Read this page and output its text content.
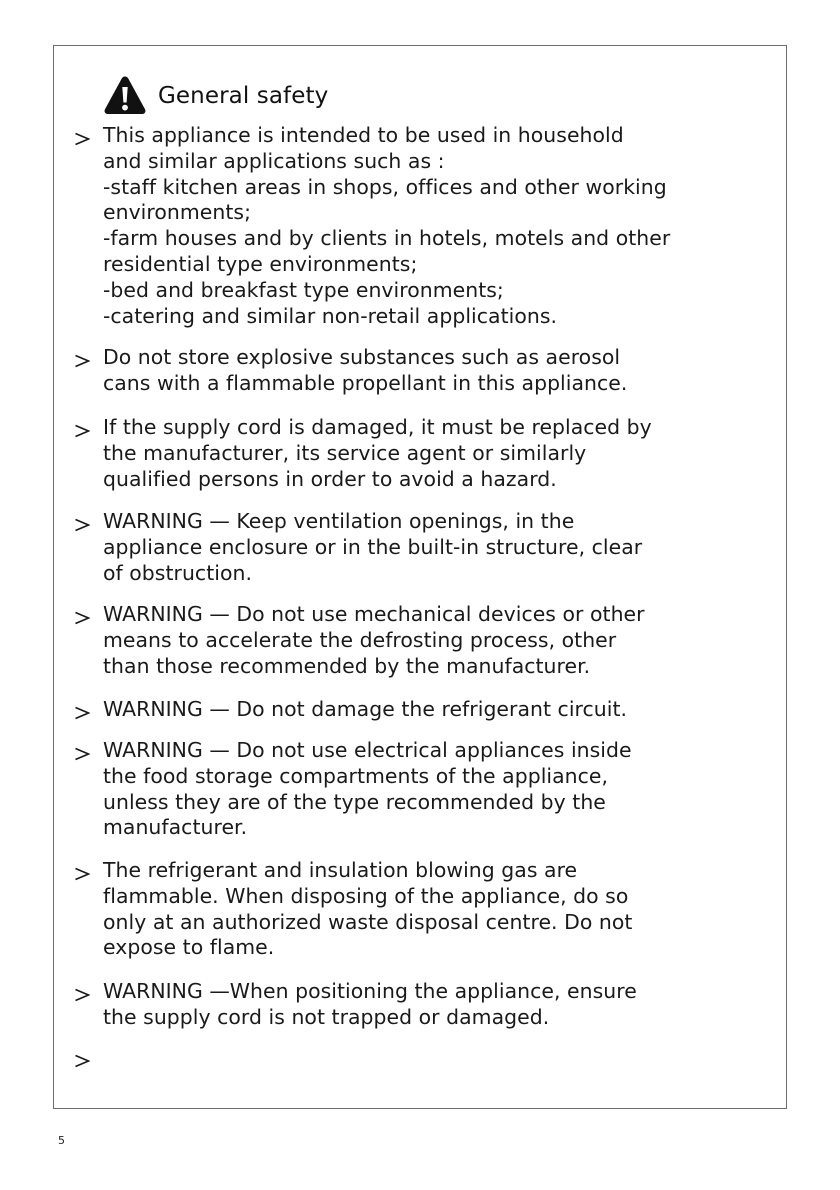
General safety

This appliance is intended to be used in household
and similar applications such as :
-staff kitchen areas in shops, offices and other working
environments;
-farm houses and by clients in hotels, motels and other
residential type environments;
-bed and breakfast type environments;
-catering and similar non-retail applications.

Do not store explosive substances such as aerosol
cans with a flammable propellant in this appliance.

If the supply cord is damaged, it must be replaced by
the manufacturer, its service agent or similarly
qualified persons in order to avoid a hazard.

WARNING — Keep ventilation openings, in the
appliance enclosure or in the built-in structure, clear
of obstruction.

WARNING — Do not use mechanical devices or other
means to accelerate the defrosting process, other
than those recommended by the manufacturer.

WARNING — Do not damage the refrigerant circuit.

WARNING — Do not use electrical appliances inside
the food storage compartments of the appliance,
unless they are of the type recommended by the
manufacturer.

The refrigerant and insulation blowing gas are
flammable. When disposing of the appliance, do so
only at an authorized waste disposal centre. Do not
expose to flame.

WARNING —When positioning the appliance, ensure
the supply cord is not trapped or damaged.

5
